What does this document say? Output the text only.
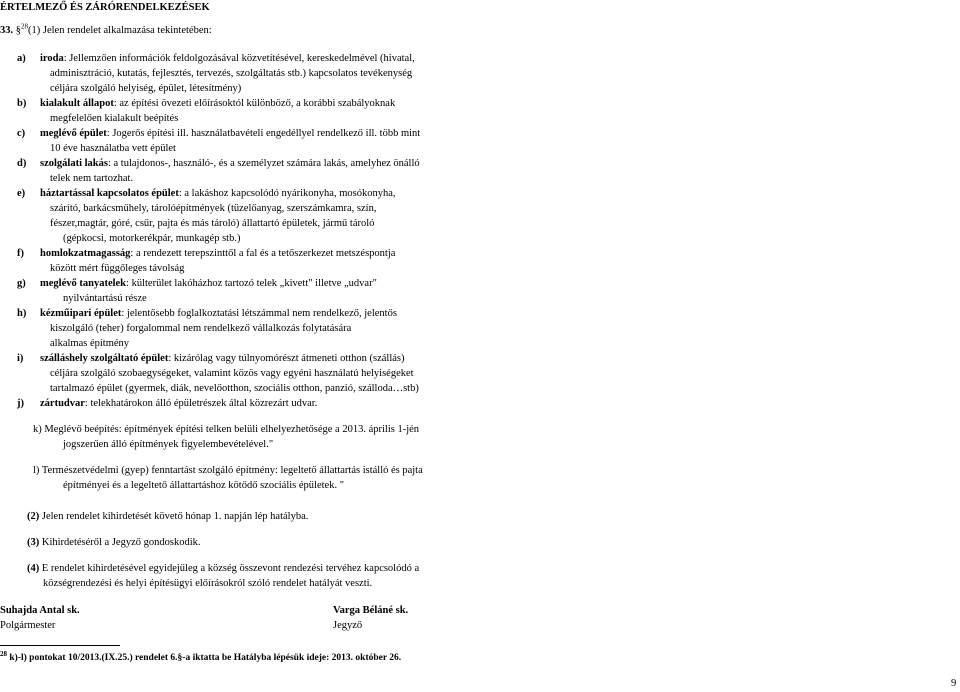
ÉRTELMEZŐ ÉS ZÁRÓRENDELKEZÉSEK
33. §$^{28}$(1) Jelen rendelet alkalmazása tekintetében:
a) iroda: Jellemzően információk feldolgozásával közvetítésével, kereskedelmével (hivatal,
adminisztráció, kutatás, fejlesztés, tervezés, szolgáltatás stb.) kapcsolatos tevékenység
céljára szolgáló helyiség, épület, létesítmény)
b) kialakult állapot: az építési övezeti előírásoktól különböző, a korábbi szabályoknak
megfelelően kialakult beépítés
c) meglévő épület: Jogerős építési ill. használatbavételi engedéllyel rendelkező ill. több mint
10 éve használatba vett épület
d) szolgálati lakás: a tulajdonos-, használó-, és a személyzet számára lakás, amelyhez önálló
telek nem tartozhat.
e) háztartással kapcsolatos épület: a lakáshoz kapcsolódó nyárikonyha, mosókonyha,
szárító, barkácsműhely, tárolóépítmények (tüzelőanyag, szerszámkamra, szín,
fészer,magtár, góré, csűr, pajta és más tároló) állattartó épületek, jármű tároló
(gépkocsi, motorkerékpár, munkagép stb.)
f) homlokzatmagasság: a rendezett terepszinttől a fal és a tetőszerkezet metszéspontja
között mért függőleges távolság
g) meglévő tanyatelek: külterület lakóházhoz tartozó telek „kivett" illetve „udvar"
nyilvántartású része
h) kézműipari épület: jelentősebb foglalkoztatási létszámmal nem rendelkező, jelentős
kiszolgáló (teher) forgalommal nem rendelkező vállalkozás folytatására
alkalmas építmény
i) szálláshely szolgáltató épület: kizárólag vagy túlnyomórészt átmeneti otthon (szállás)
céljára szolgáló szobaegységeket, valamint közös vagy egyéni használatú helyiségeket
tartalmazó épület (gyermek, diák, nevelőotthon, szociális otthon, panzió, szálloda…stb)
j) zártudvar: telekhatárokon álló épületrészek által közrezárt udvar.
k) Meglévő beépítés: építmények építési telken belüli elhelyezhetősége a 2013. április 1-jén
jogszerűen álló építmények figyelembevételével."
l) Természetvédelmi (gyep) fenntartást szolgáló építmény: legeltető állattartás istálló és pajta
építményei és a legeltető állattartáshoz kötődő szociális épületek. "
(2) Jelen rendelet kihirdetését követő hónap 1. napján lép hatályba.
(3) Kihirdetéséről a Jegyző gondoskodik.
(4) E rendelet kihirdetésével egyidejűleg a község összevont rendezési tervéhez kapcsolódó a
községrendezési és helyi építésügyi előírásokról szóló rendelet hatályát veszti.
Suhajda Antal sk.
Polgármester
Varga Béláné sk.
Jegyző
$^{28}$ k)-l) pontokat 10/2013.(IX.25.) rendelet 6.§-a iktatta be Hatályba lépésük ideje: 2013. október 26.
9
